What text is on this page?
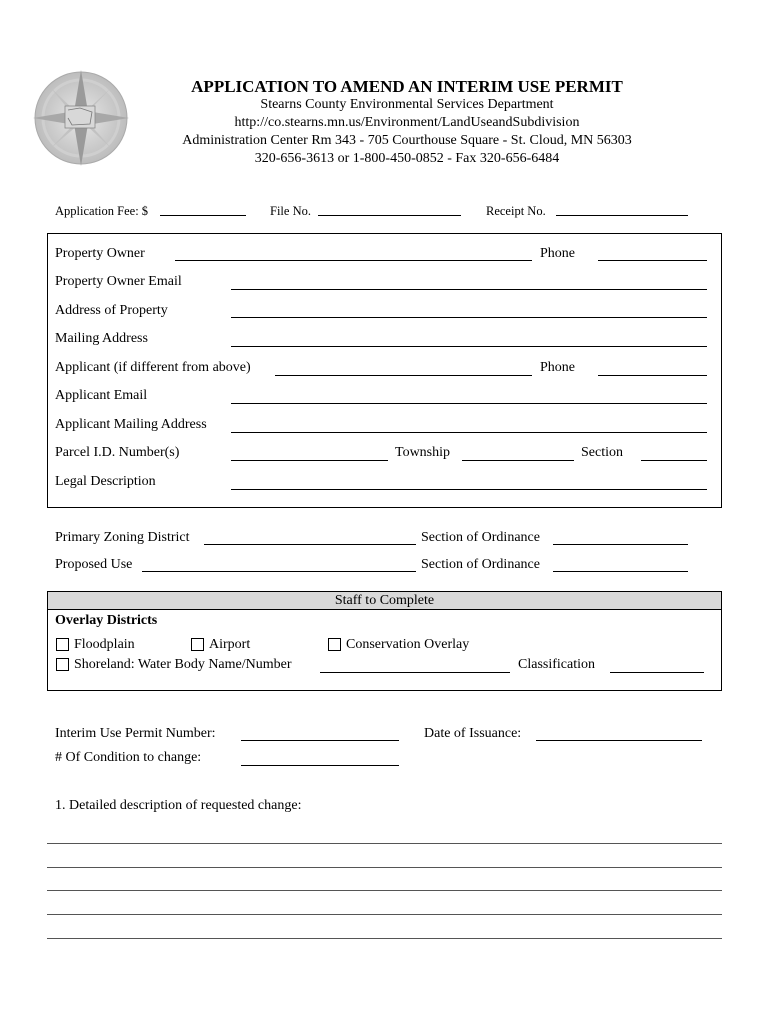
APPLICATION TO AMEND AN INTERIM USE PERMIT
Stearns County Environmental Services Department
http://co.stearns.mn.us/Environment/LandUseandSubdivision
Administration Center Rm 343 - 705 Courthouse Square - St. Cloud, MN 56303
320-656-3613 or 1-800-450-0852 - Fax 320-656-6484
Application Fee: $	File No.	Receipt No.
Property Owner	Phone
Property Owner Email
Address of Property
Mailing Address
Applicant (if different from above)	Phone
Applicant Email
Applicant Mailing Address
Parcel I.D. Number(s)	Township	Section
Legal Description
Primary Zoning District	Section of Ordinance
Proposed Use	Section of Ordinance
Staff to Complete
Overlay Districts
Floodplain	Airport	Conservation Overlay
Shoreland: Water Body Name/Number	Classification
Interim Use Permit Number:	Date of Issuance:
# Of Condition to change:
1. Detailed description of requested change:
